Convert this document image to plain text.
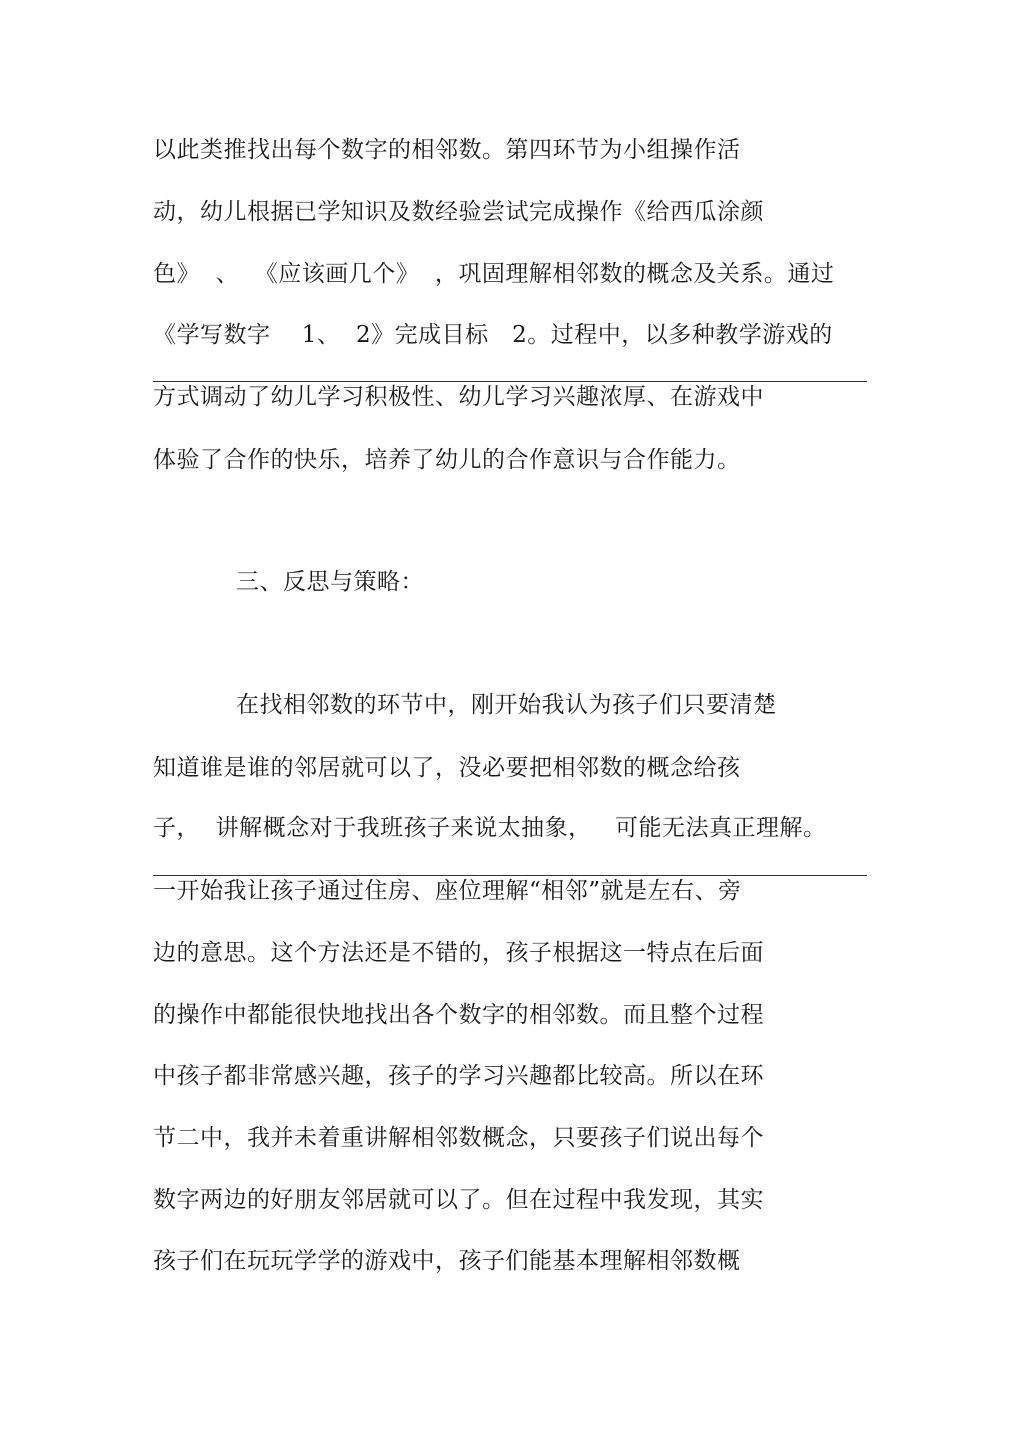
以此类推找出每个数字的相邻数。第四环节为小组操作活
动，幼儿根据已学知识及数经验尝试完成操作《给西瓜涂颜
色》  、  《应该画几个》  ，巩固理解相邻数的概念及关系。通过
《学写数字    1、  2》完成目标   2。过程中，以多种教学游戏的
方式调动了幼儿学习积极性、幼儿学习兴趣浓厚、在游戏中
体验了合作的快乐，培养了幼儿的合作意识与合作能力。
三、反思与策略：
在找相邻数的环节中，刚开始我认为孩子们只要清楚
知道谁是谁的邻居就可以了，没必要把相邻数的概念给孩
子，  讲解概念对于我班孩子来说太抽象，   可能无法真正理解。
一开始我让孩子通过住房、座位理解“相邻”就是左右、旁
边的意思。这个方法还是不错的，孩子根据这一特点在后面
的操作中都能很快地找出各个数字的相邻数。而且整个过程
中孩子都非常感兴趣，孩子的学习兴趣都比较高。所以在环
节二中，我并未着重讲解相邻数概念，只要孩子们说出每个
数字两边的好朋友邻居就可以了。但在过程中我发现，其实
孩子们在玩玩学学的游戏中，孩子们能基本理解相邻数概
